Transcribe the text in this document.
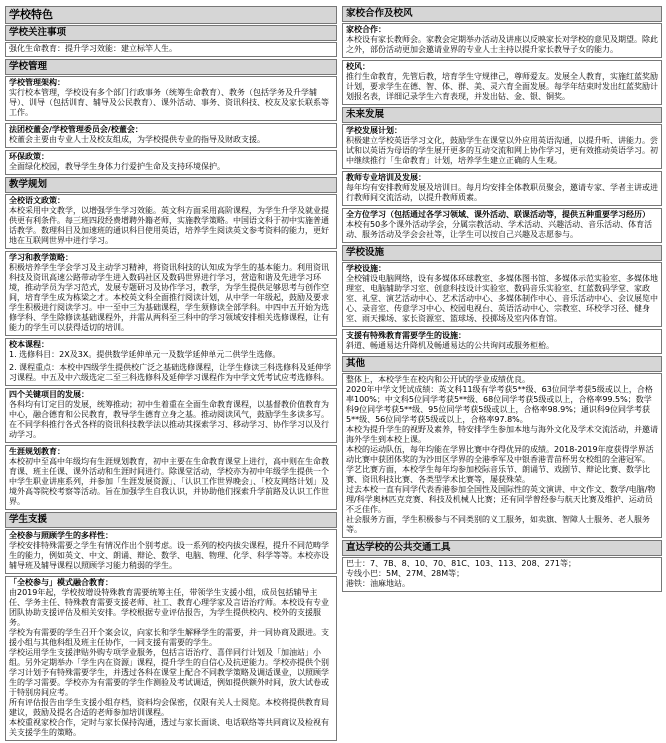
学校特色
学校关注事项
强化生命教育：提升学习效能：建立标竿人生。
学校管理
学校管理架构：
实行校本管理，学校设有多个部门行政事务（统筹生命教育）、教务（包括学务及升学辅导）、训导（包括训育、辅导及公民教育）、课外活动、事务、资讯科技、校友及家长联系等工作。
法团校董会/学校管理委员会/校董会：
校董会主要由专业人士及校友组成，为学校提供专业的指导及财政支援。
环保政策：
全面绿化校园，教导学生身体力行爱护生命及支持环境保护。
教学规划
全校语文政策：
本校采用中文教学，以增强学生学习效能。英文科方面采用高阶课程，为学生升学及就业提供更有利条件。每三班四段经费增聘外籍老师，实施教学策略。中国语文科于初中实施普通话教学。数理科目及加速班的通识科目使用英语，培养学生阅读英文参考资料的能力，更好地在互联网世界中进行学习。
学习和教学策略：
积极培养学生学会学习及主动学习精神，将资讯科技的认知成为学生的基本能力。利用资讯科技及资讯高速公路带动学生进入数码社区及数码世界进行学习，营造和谐及先进学习环境，推动学员为学习范式，发展专题研习及协作学习，教学，为学生提供足够思考与创作空间，培育学生成为栋梁之才。本校英文科全面推行阅读计划，从中学一年级起，鼓励及要求学生积极进行阅读学习。中一至中三为基础课程，学生须修读全部学科。中四中五开始为选修学科、学生除修读基础课程外，并需从两科至三科中的学习领域安排相关选修课程，让有能力的学生可以获得适切的培训。
校本课程：
1. 选修科目：2X及3X。提供数学延伸单元一及数学延伸单元二供学生选修。
2. 课程重点：本校中四级学生提供校广泛之基础选修课程，让学生修读三科选修科及延伸学习课程。中五及中六级选定二至三科选修科及延伸学习课程作为中学文凭考试应考选修科。
四个关键项目的发展：
各科均有订定目的发展，统筹推动；初中生着重在全面生命教育课程，以基督教价值教育为中心，融合德育和公民教育，教导学生德育立身之基。推动阅读风气，鼓励学生多读多写。在不同学科推行各式各样的资讯科技教学法以推动其探索学习、移动学习、协作学习以及行动学习。
生涯规划教育：
本校初中至高中年级均有生涯规划教育，初中主要在生命教育课堂上进行，高中则在生命教育课、班主任课、课外活动和生涯时间进行。除课堂活动，学校亦为初中年级学生提供一个中学生职业讲座系列，并参加「生涯发展资源」、「认识工作世界晚会」、「校友网络计划」及境外高等院校考察等活动。旨在加强学生自我认识，并协助他们探索升学前路及认识工作世界。
学生支援
全校参与照顾学生的多样性：
学校安排特殊需要之学生有情况作出个别考虑。设一系列的校内拔尖课程，提升不同范畴学生的能力，例如英文、中文、朗诵、辩论、数学、电脑、物理、化学、科学等等。本校亦设辅导班及辅导课程以照顾学习能力稍弱的学生。
「全校参与」模式融合教育：
由2019年起，学校按增设特殊教育需要统筹主任，带领学生支援小组，成员包括辅导主任、学务主任、特殊教育需要支援老师、社工、教育心理学家及言语治疗师。本校设有专业团队协助支援评估及相关安排。学校根据专业评估报告，为学生提供校内、校外的支援服务。
学校为有需要的学生召开个案会议，向家长和学生解释学生的需要，并一同协商及跟进。支援小组与其他科组及班主任协作，一同支援有需要的学生。
学校运用学生支援津贴外购专项学业服务，包括言语治疗、喜伴同行计划及「加油站」小组。另外定期举办「学生内在资源」课程，提升学生的自信心及抗逆能力。学校亦提供个别学习计划予有特殊需要学生，并透过各科在课堂上配合不同教学策略及调适课业，以照顾学生的学习需要。学校亦为有需要的学生作测验及考试调适，例如提供额外时间，放大试卷或于特别房间应考。
所有评估报告由学生支援小组存档，资料均会保密，仅限有关人士阅览。本校将提供教育局建议，鼓励及提名合适的老师参加培训课程。
本校重视家校合作，定时与家长保持沟通，透过与家长面谈、电话联络等共同商议及检视有关支援学生的策略。
家校合作及校风
家校合作：
本校设有家长教师会。家教会定期举办活动及讲座以反映家长对学校的意见及期望。除此之外，部份活动更加会邀请业界的专业人士主持以提升家长教导子女的能力。
校风：
推行生命教育，先管后教，培育学生守规律己，尊师爱友。发展全人教育，实施红蓝奖励计划，要求学生在德、智、体、群、美、灵六育全面发展。每学年结束时发出红蓝奖励计划报名表，详细记录学生六育表现，并发出钻、金、银、铜奖。
未来发展
学校发展计划：
积极建立学校英语学习文化，鼓励学生在课堂以外应用英语沟通，以提升听、讲能力。尝试和以英语为母语的学生展开更多的互动交流和网上协作学习，更有效推动英语学习。初中继续推行「生命教育」计划，培养学生建立正确的人生观。
教师专业培训及发展：
每年均有安排教师发展及培训日。每月均安排全体教职员聚会，邀请专家、学者主讲或进行教师间交流活动，以提升教师质素。
全方位学习（包括通过各学习领域、课外活动、联课活动等，提供五种重要学习经历）
本校有50多个课外活动学会，分属宗教活动、学术活动、兴趣活动、音乐活动、体育活动、服务活动及学会会社等，让学生可以按自己兴趣及志愿参与。
学校设施
学校设施：
全校铺设电脑网络，设有多媒体环球教室、多媒体图书馆、多媒体示范实验室、多媒体地理室、电脑辅助学习室、创意科技设计实验室、数码音乐实验室、红蓝数码学堂、家政室、礼堂、演艺活动中心、艺术活动中心、多媒体制作中心、音乐活动中心、会议展览中心、录音室、传意学习中心、校园电视台、英语活动中心、宗教室、环校学习径、健身室、雨天操场、家长资源室、篮球场、投掷场及室内体育馆。
支援有特殊教育需要学生的设施：
斜道、畅通易达升降机及畅通易达的公共询问或服务柜枱。
其他
整体上，本校学生在校内和公开试的学业成绩优良。
2020年中学文凭试成绩：英文科11级有学考获5**级、63位同学考获5级或以上，合格率100%；中文科5位同学考获5**级、68位同学考获5级或以上，合格率99.5%；数学科9位同学考获5**级、95位同学考获5级或以上，合格率98.9%；通识科9位同学考获5**级、56位同学考获5级或以上，合格率97.8%。
本校为提升学生的视野及素养，特安排学生参加本地与海外文化及学术交流活动，并邀请海外学生到本校上课。
本校的运动队伍，每年均能在学界比赛中夺得优异的成绩。2018-2019年度获得学界活动比赛中获团体奖的为沙田区学界的全港季军及中银香港青苗杯男女校组的全港冠军。
学艺比赛方面，本校学生每年均参加校际音乐节、朗诵节、戏剧节、辩论比赛、数学比赛、资讯科技比赛、各类型学术比赛等，屡获殊荣。
过去本校一直有同学代表香港参加全国性及国际性的英文演讲、中文作文、数学/电脑/物理/科学奥林匹克竞赛、科技及机械人比赛；还有同学曾经参与航天比赛及维护、运动员不乏佳作。
社会服务方面，学生积极参与不同类别的义工服务，如卖旗、智障人士服务、老人服务等。
直达学校的公共交通工具
巴士：7、7B、8、10、70、81C、103、113、208、271等；
专线小巴：5M、27M、28M等；
港铁：油麻地站。
